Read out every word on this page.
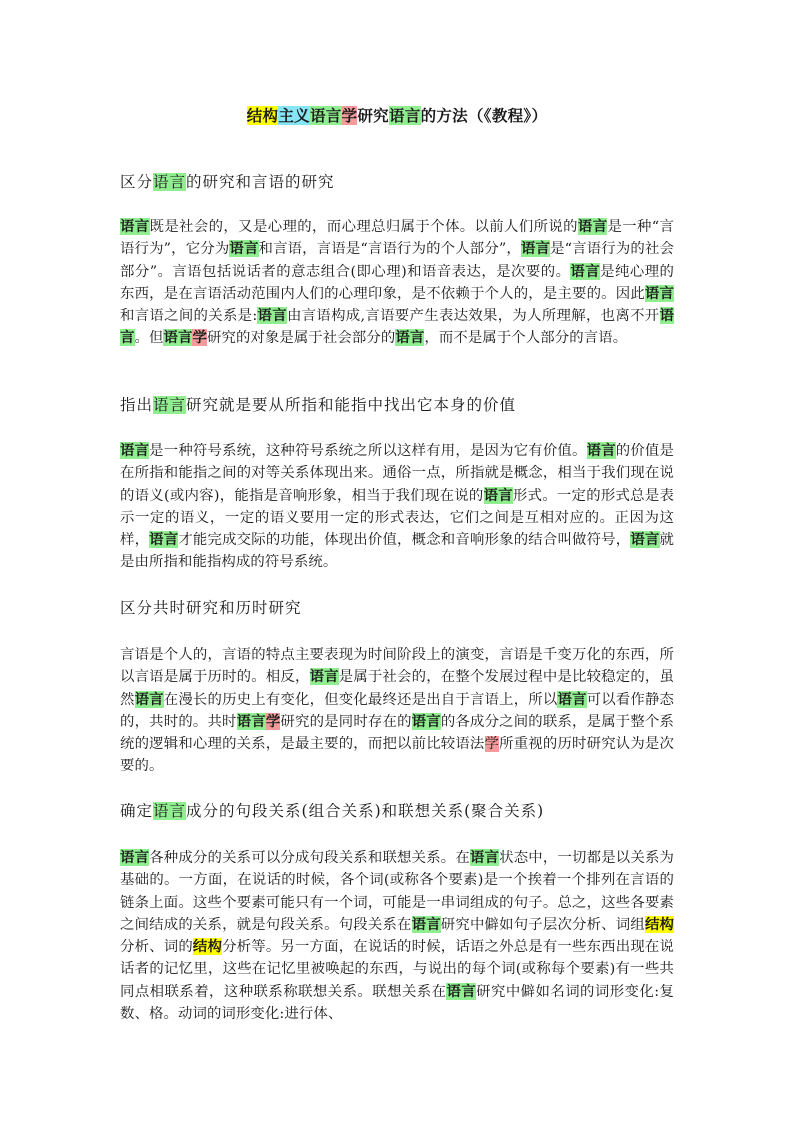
结构主义语言学研究语言的方法（《教程》）
区分语言的研究和言语的研究
语言既是社会的，又是心理的，而心理总归属于个体。以前人们所说的语言是一种“言语行为”，它分为语言和言语，言语是“言语行为的个人部分”，语言是“言语行为的社会部分”。言语包括说话者的意志组合(即心理)和语音表达，是次要的。语言是纯心理的东西，是在言语活动范围内人们的心理印象，是不依赖于个人的，是主要的。因此语言和言语之间的关系是:语言由言语构成,言语要产生表达效果，为人所理解，也离不开语言。但语言学研究的对象是属于社会部分的语言，而不是属于个人部分的言语。
指出语言研究就是要从所指和能指中找出它本身的价值
语言是一种符号系统，这种符号系统之所以这样有用，是因为它有价值。语言的价值是在所指和能指之间的对等关系体现出来。通俗一点，所指就是概念，相当于我们现在说的语义(或内容)，能指是音响形象，相当于我们现在说的语言形式。一定的形式总是表示一定的语义，一定的语义要用一定的形式表达，它们之间是互相对应的。正因为这样，语言才能完成交际的功能，体现出价值，概念和音响形象的结合叫做符号，语言就是由所指和能指构成的符号系统。
区分共时研究和历时研究
言语是个人的，言语的特点主要表现为时间阶段上的演变，言语是千变万化的东西，所以言语是属于历时的。相反，语言是属于社会的，在整个发展过程中是比较稳定的，虽然语言在漫长的历史上有变化，但变化最终还是出自于言语上，所以语言可以看作静态的，共时的。共时语言学研究的是同时存在的语言的各成分之间的联系，是属于整个系统的逻辑和心理的关系，是最主要的，而把以前比较语法学所重视的历时研究认为是次要的。
确定语言成分的句段关系(组合关系)和联想关系(聚合关系)
语言各种成分的关系可以分成句段关系和联想关系。在语言状态中，一切都是以关系为基础的。一方面，在说话的时候，各个词(或称各个要素)是一个挨着一个排列在言语的链条上面。这些个要素可能只有一个词，可能是一串词组成的句子。总之，这些各要素之间结成的关系，就是句段关系。句段关系在语言研究中僻如句子层次分析、词组结构分析、词的结构分析等。另一方面，在说话的时候，话语之外总是有一些东西出现在说话者的记忆里，这些在记忆里被唤起的东西，与说出的每个词(或称每个要素)有一些共同点相联系着，这种联系称联想关系。联想关系在语言研究中僻如名词的词形变化:复数、格。动词的词形变化:进行体、
